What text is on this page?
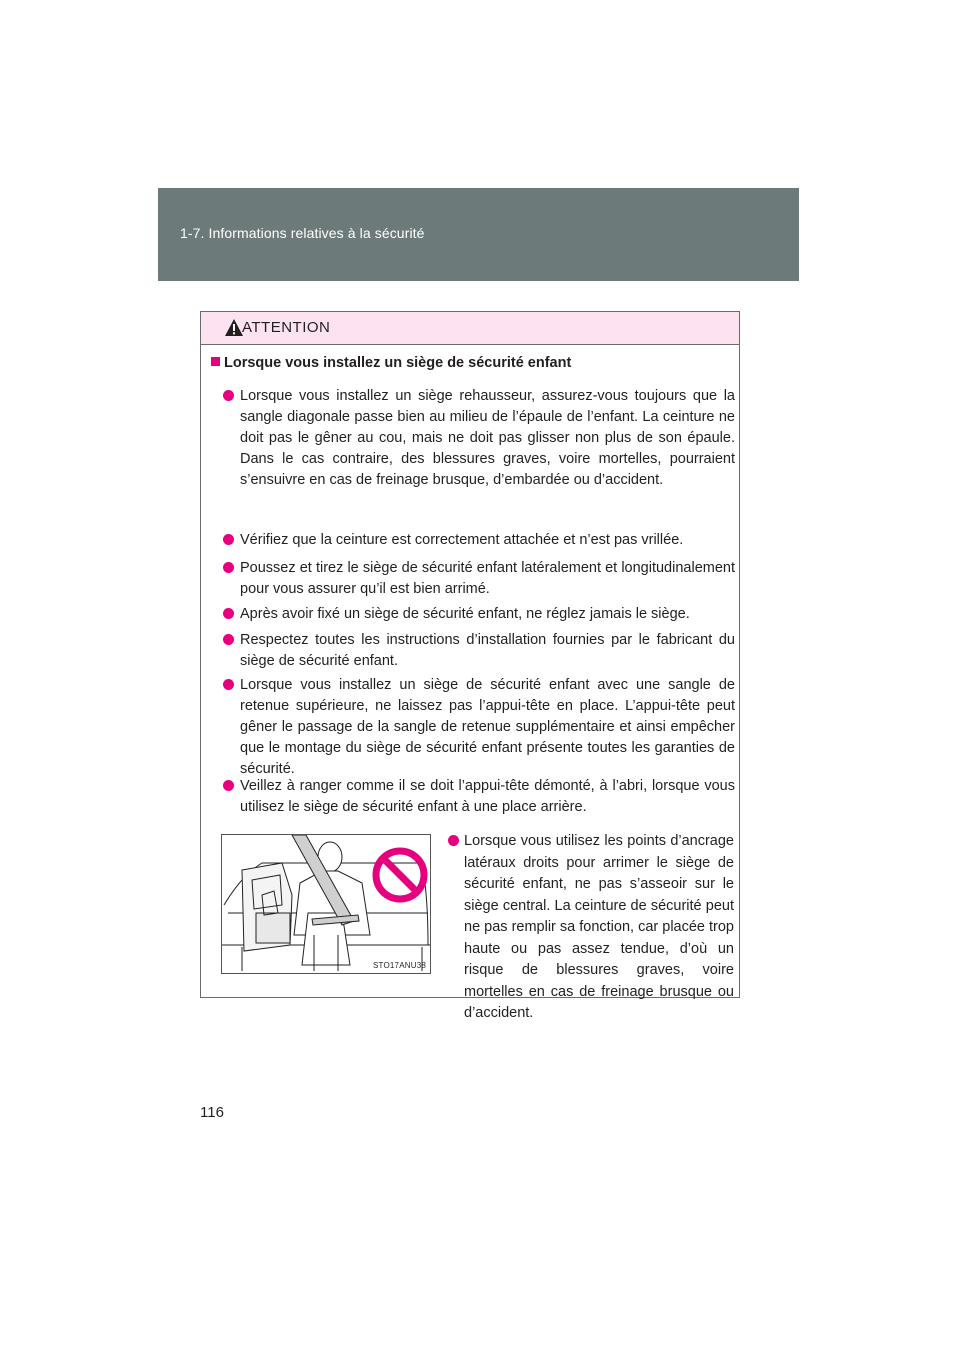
1-7. Informations relatives à la sécurité
ATTENTION
Lorsque vous installez un siège de sécurité enfant
Lorsque vous installez un siège rehausseur, assurez-vous toujours que la sangle diagonale passe bien au milieu de l’épaule de l’enfant. La ceinture ne doit pas le gêner au cou, mais ne doit pas glisser non plus de son épaule. Dans le cas contraire, des blessures graves, voire mortelles, pourraient s’ensuivre en cas de freinage brusque, d’embardée ou d’accident.
Vérifiez que la ceinture est correctement attachée et n’est pas vrillée.
Poussez et tirez le siège de sécurité enfant latéralement et longitudinalement pour vous assurer qu’il est bien arrimé.
Après avoir fixé un siège de sécurité enfant, ne réglez jamais le siège.
Respectez toutes les instructions d’installation fournies par le fabricant du siège de sécurité enfant.
Lorsque vous installez un siège de sécurité enfant avec une sangle de retenue supérieure, ne laissez pas l’appui-tête en place. L’appui-tête peut gêner le passage de la sangle de retenue supplémentaire et ainsi empêcher que le montage du siège de sécurité enfant présente toutes les garanties de sécurité.
Veillez à ranger comme il se doit l’appui-tête démonté, à l’abri, lorsque vous utilisez le siège de sécurité enfant à une place arrière.
STO17ANU38
Lorsque vous utilisez les points d’ancrage latéraux droits pour arrimer le siège de sécurité enfant, ne pas s’asseoir sur le siège central. La ceinture de sécurité peut ne pas remplir sa fonction, car placée trop haute ou pas assez tendue, d’où un risque de blessures graves, voire mortelles en cas de freinage brusque ou d’accident.
116
